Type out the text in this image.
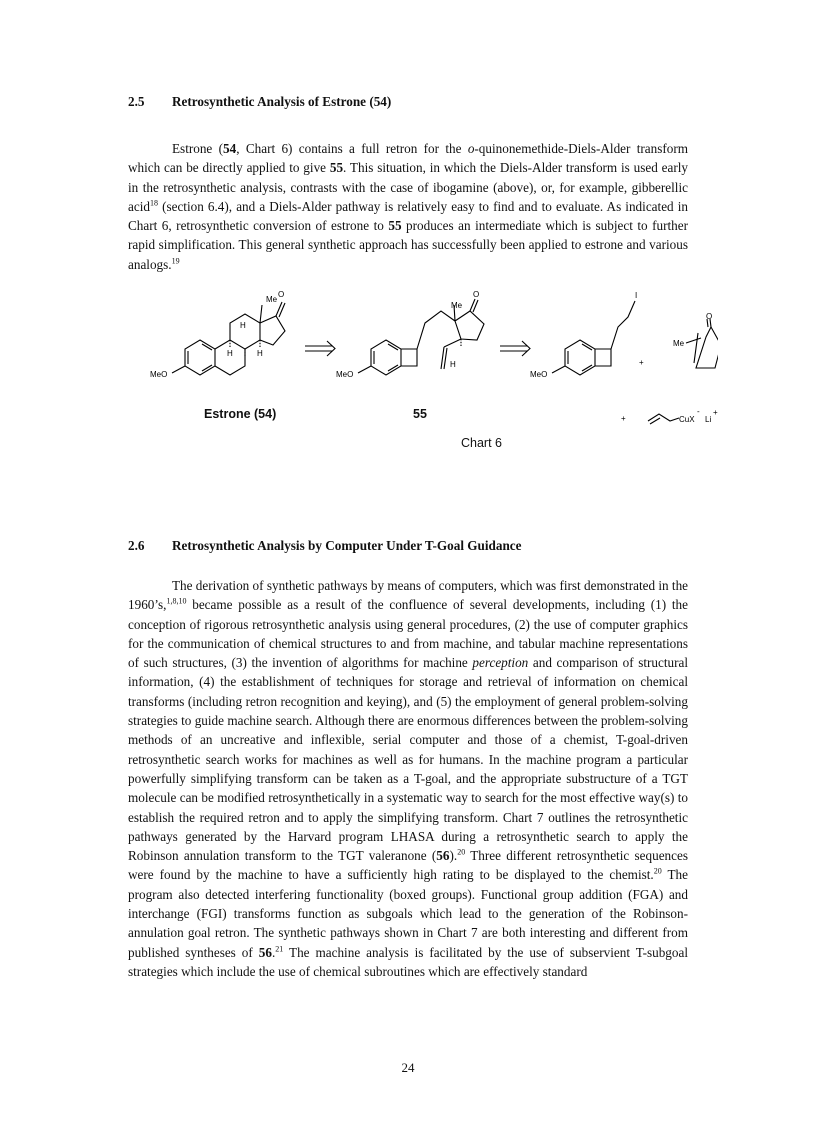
2.5 Retrosynthetic Analysis of Estrone (54)

Estrone (54, Chart 6) contains a full retron for the o-quinonemethide-Diels-Alder transform which can be directly applied to give 55. This situation, in which the Diels-Alder transform is used early in the retrosynthetic analysis, contrasts with the case of ibogamine (above), or, for example, gibberellic acid$^{18}$ (section 6.4), and a Diels-Alder pathway is relatively easy to find and to evaluate. As indicated in Chart 6, retrosynthetic conversion of estrone to 55 produces an intermediate which is subject to further rapid simplification. This general synthetic approach has successfully been applied to estrone and various analogs.$^{19}$

Me
O
H
H	H
MeO
Me
O
H
MeO
I
MeO
+
O
Me
+	CuX
-
Li
+
Estrone (54)	55
Chart 6
2.6 Retrosynthetic Analysis by Computer Under T-Goal Guidance

The derivation of synthetic pathways by means of computers, which was first demonstrated in the 1960’s,$^{1,8,10}$ became possible as a result of the confluence of several developments, including (1) the conception of rigorous retrosynthetic analysis using general procedures, (2) the use of computer graphics for the communication of chemical structures to and from machine, and tabular machine representations of such structures, (3) the invention of algorithms for machine perception and comparison of structural information, (4) the establishment of techniques for storage and retrieval of information on chemical transforms (including retron recognition and keying), and (5) the employment of general problem-solving strategies to guide machine search. Although there are enormous differences between the problem-solving methods of an uncreative and inflexible, serial computer and those of a chemist, T-goal-driven retrosynthetic search works for machines as well as for humans. In the machine program a particular powerfully simplifying transform can be taken as a T-goal, and the appropriate substructure of a TGT molecule can be modified retrosynthetically in a systematic way to search for the most effective way(s) to establish the required retron and to apply the simplifying transform. Chart 7 outlines the retrosynthetic pathways generated by the Harvard program LHASA during a retrosynthetic search to apply the Robinson annulation transform to the TGT valeranone (56).$^{20}$ Three different retrosynthetic sequences were found by the machine to have a sufficiently high rating to be displayed to the chemist.$^{20}$ The program also detected interfering functionality (boxed groups). Functional group addition (FGA) and interchange (FGI) transforms function as subgoals which lead to the generation of the Robinson-annulation goal retron. The synthetic pathways shown in Chart 7 are both interesting and different from published syntheses of 56.21 The machine analysis is facilitated by the use of subservient T-subgoal strategies which include the use of chemical subroutines which are effectively standard

24
